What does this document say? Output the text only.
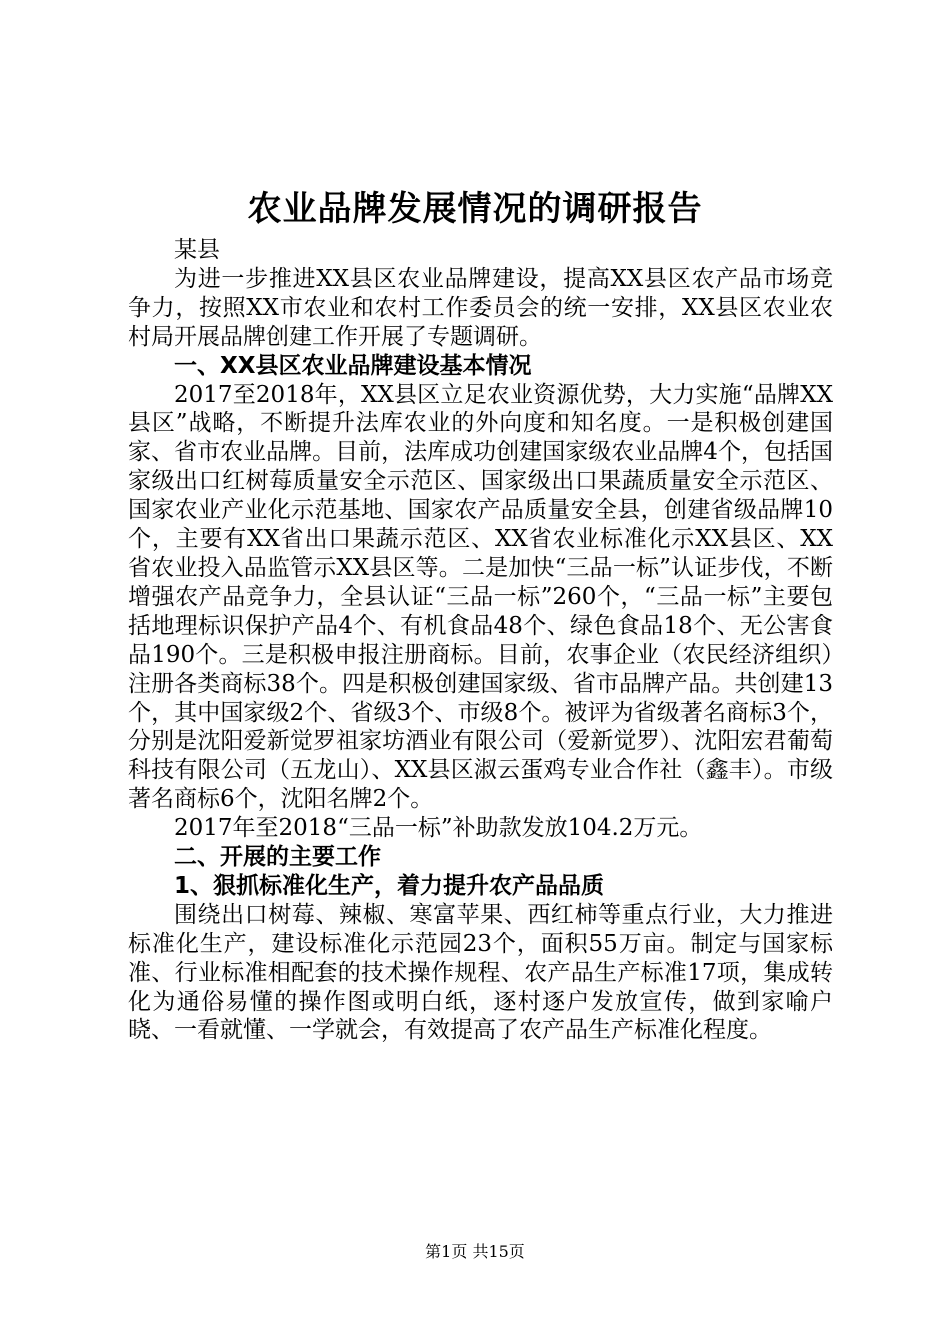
农业品牌发展情况的调研报告

某县

为进一步推进XX县区农业品牌建设，提高XX县区农产品市场竞争力，按照XX市农业和农村工作委员会的统一安排，XX县区农业农村局开展品牌创建工作开展了专题调研。

一、XX县区农业品牌建设基本情况

2017至2018年，XX县区立足农业资源优势，大力实施“品牌XX县区”战略，不断提升法库农业的外向度和知名度。一是积极创建国家、省市农业品牌。目前，法库成功创建国家级农业品牌4个，包括国家级出口红树莓质量安全示范区、国家级出口果蔬质量安全示范区、国家农业产业化示范基地、国家农产品质量安全县，创建省级品牌10个，主要有XX省出口果蔬示范区、XX省农业标准化示XX县区、XX省农业投入品监管示XX县区等。二是加快“三品一标”认证步伐，不断增强农产品竞争力，全县认证“三品一标”260个，“三品一标”主要包括地理标识保护产品4个、有机食品48个、绿色食品18个、无公害食品190个。三是积极申报注册商标。目前，农事企业（农民经济组织）注册各类商标38个。四是积极创建国家级、省市品牌产品。共创建13个，其中国家级2个、省级3个、市级8个。被评为省级著名商标3个，分别是沈阳爱新觉罗祖家坊酒业有限公司（爱新觉罗）、沈阳宏君葡萄科技有限公司（五龙山）、XX县区淑云蛋鸡专业合作社（鑫丰）。市级著名商标6个，沈阳名牌2个。

2017年至2018“三品一标”补助款发放104.2万元。

二、开展的主要工作
1、狠抓标准化生产，着力提升农产品品质

围绕出口树莓、辣椒、寒富苹果、西红柿等重点行业，大力推进标准化生产，建设标准化示范园23个，面积55万亩。制定与国家标准、行业标准相配套的技术操作规程、农产品生产标准17项，集成转化为通俗易懂的操作图或明白纸，逐村逐户发放宣传，做到家喻户晓、一看就懂、一学就会，有效提高了农产品生产标准化程度。

第1页 共15页
